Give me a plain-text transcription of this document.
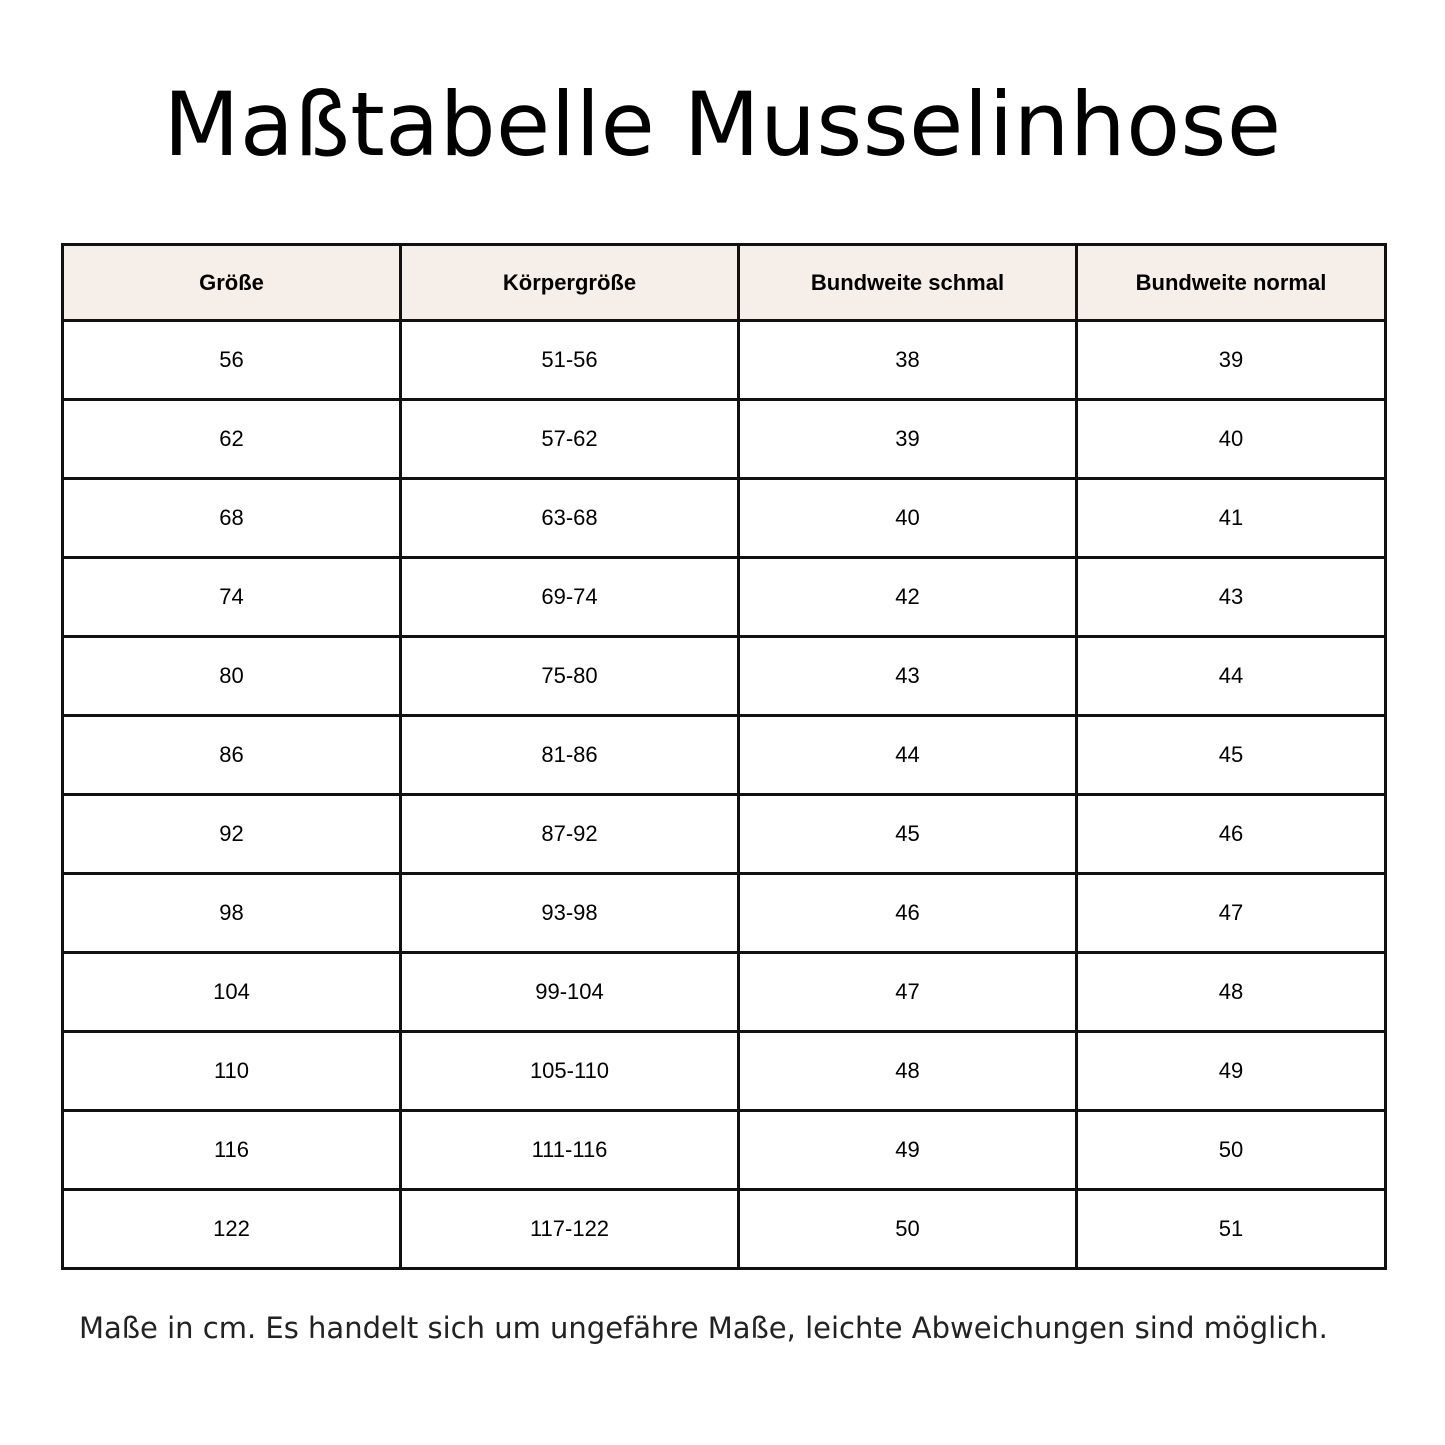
Maßtabelle Musselinhose
Größe	Körpergröße	Bundweite schmal	Bundweite normal
56	51-56	38	39
62	57-62	39	40
68	63-68	40	41
74	69-74	42	43
80	75-80	43	44
86	81-86	44	45
92	87-92	45	46
98	93-98	46	47
104	99-104	47	48
110	105-110	48	49
116	111-116	49	50
122	117-122	50	51

Maße in cm. Es handelt sich um ungefähre Maße, leichte Abweichungen sind möglich.
